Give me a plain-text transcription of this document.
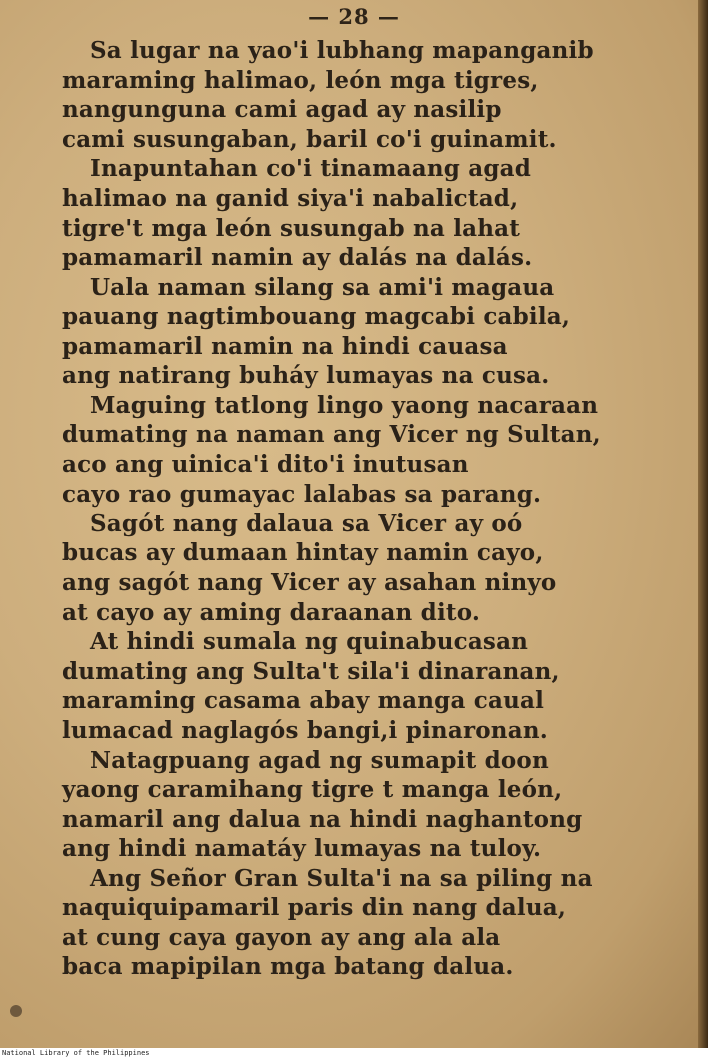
— 28 —
Sa lugar na yao'i lubhang mapanganib
maraming halimao, león mga tigres,
nangunguna cami agad ay nasilip
cami susungaban, baril co'i guinamit.
Inapuntahan co'i tinamaang agad
halimao na ganid siya'i nabalictad,
tigre't mga león susungab na lahat
pamamaril namin ay dalás na dalás.
Uala naman silang sa ami'i magaua
pauang nagtimbouang magcabi cabila,
pamamaril namin na hindi cauasa
ang natirang buháy lumayas na cusa.
Maguing tatlong lingo yaong nacaraan
dumating na naman ang Vicer ng Sultan,
aco ang uinica'i dito'i inutusan
cayo rao gumayac lalabas sa parang.
Sagót nang dalaua sa Vicer ay oó
bucas ay dumaan hintay namin cayo,
ang sagót nang Vicer ay asahan ninyo
at cayo ay aming daraanan dito.
At hindi sumala ng quinabucasan
dumating ang Sulta't sila'i dinaranan,
maraming casama abay manga caual
lumacad naglagós bangi,i pinaronan.
Natagpuang agad ng sumapit doon
yaong caramihang tigre t manga león,
namaril ang dalua na hindi naghantong
ang hindi namatáy lumayas na tuloy.
Ang Señor Gran Sulta'i na sa piling na
naquiquipamaril paris din nang dalua,
at cung caya gayon ay ang ala ala
baca mapipilan mga batang dalua.
National Library of the Philippines
